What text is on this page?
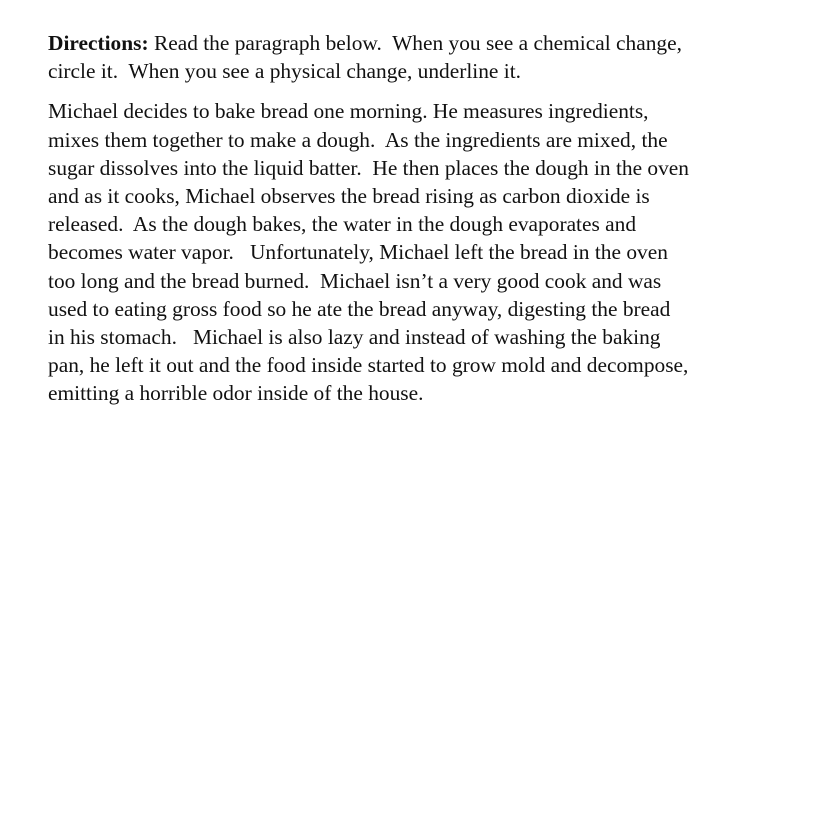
Directions: Read the paragraph below.  When you see a chemical change,
circle it.  When you see a physical change, underline it.
Michael decides to bake bread one morning. He measures ingredients,
mixes them together to make a dough.  As the ingredients are mixed, the
sugar dissolves into the liquid batter.  He then places the dough in the oven
and as it cooks, Michael observes the bread rising as carbon dioxide is
released.  As the dough bakes, the water in the dough evaporates and
becomes water vapor.   Unfortunately, Michael left the bread in the oven
too long and the bread burned.  Michael isn’t a very good cook and was
used to eating gross food so he ate the bread anyway, digesting the bread
in his stomach.   Michael is also lazy and instead of washing the baking
pan, he left it out and the food inside started to grow mold and decompose,
emitting a horrible odor inside of the house.
